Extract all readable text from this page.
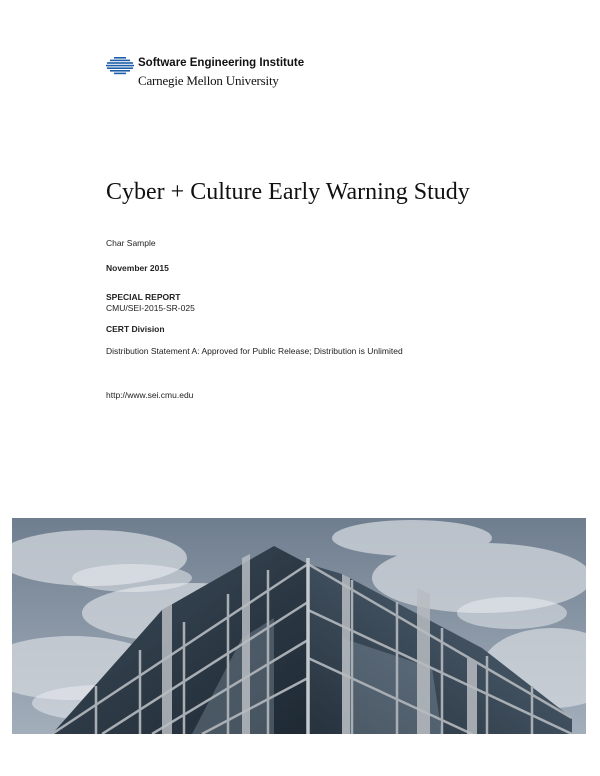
Software Engineering Institute
Carnegie Mellon University
Cyber + Culture Early Warning Study
Char Sample
November 2015
SPECIAL REPORT
CMU/SEI-2015-SR-025
CERT Division
Distribution Statement A: Approved for Public Release; Distribution is Unlimited
http://www.sei.cmu.edu
